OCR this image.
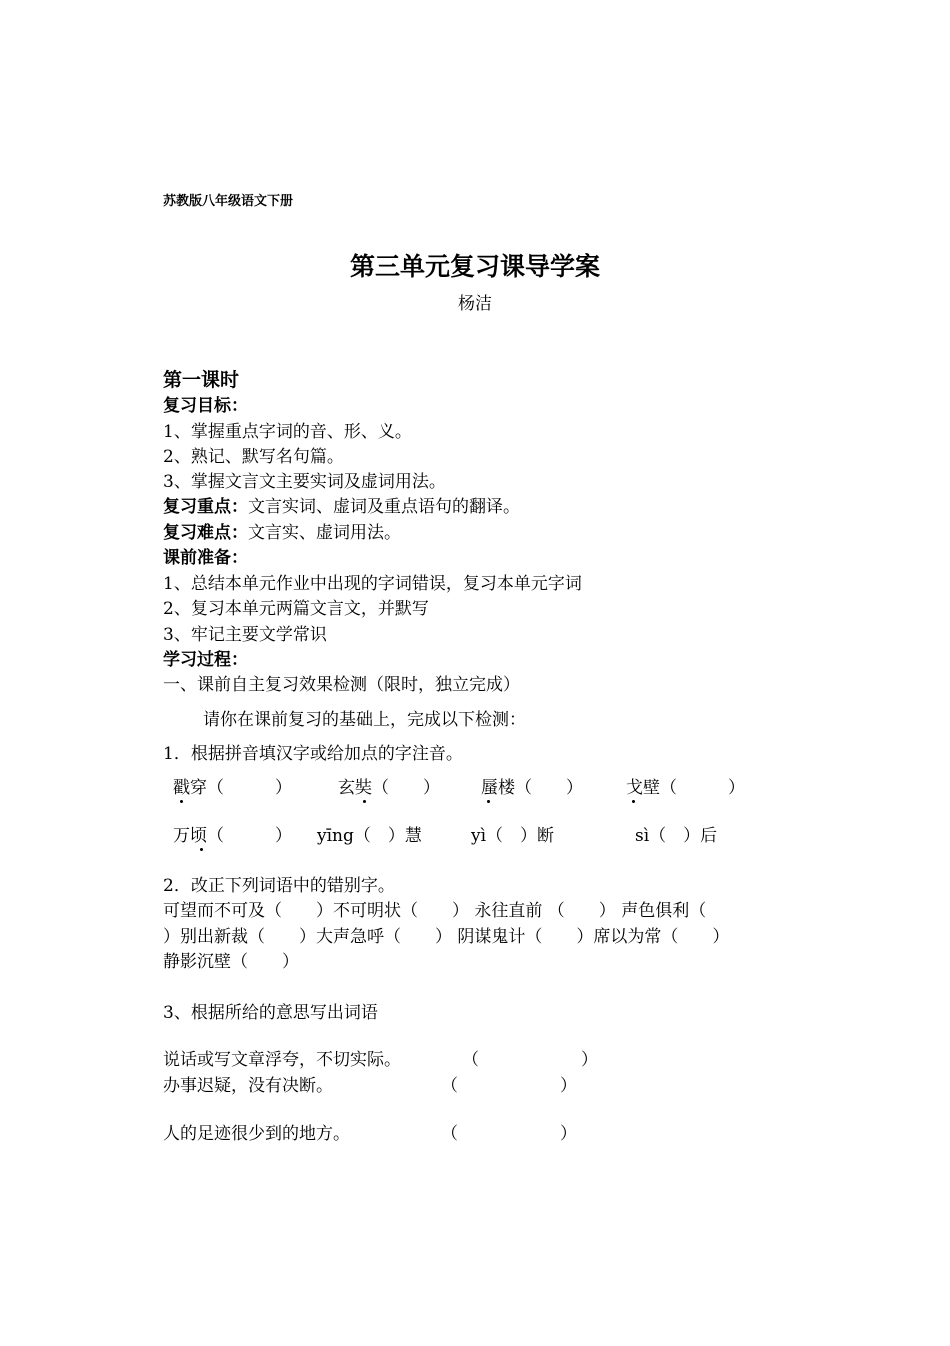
苏教版八年级语文下册
第三单元复习课导学案
杨洁
第一课时
复习目标：
1、掌握重点字词的音、形、义。
2、熟记、默写名句篇。
3、掌握文言文主要实词及虚词用法。
复习重点：文言实词、虚词及重点语句的翻译。
复习难点：文言实、虚词用法。
课前准备：
1、总结本单元作业中出现的字词错误，复习本单元字词
2、复习本单元两篇文言文，并默写
3、牢记主要文学常识
学习过程：
一、课前自主复习效果检测（限时，独立完成）
请你在课前复习的基础上，完成以下检测：
1．根据拼音填汉字或给加点的字注音。
戳穿（　　　）	玄奘（　　） 蜃楼（　　）	戈壁（　　　）
万顷（　　　） yīng（　）慧	yì（　）断	sì（　）后
2．改正下列词语中的错别字。
可望而不可及（　　）不可明状（　　） 永往直前 （　　） 声色俱利（
）别出新裁（　　）大声急呼（　　） 阴谋鬼计（　　）席以为常（　　）
静影沉壁（　　）
3、根据所给的意思写出词语
说话或写文章浮夸，不切实际。	（　　　　　　）
办事迟疑，没有决断。	（　　　　　　）
人的足迹很少到的地方。	（　　　　　　）
